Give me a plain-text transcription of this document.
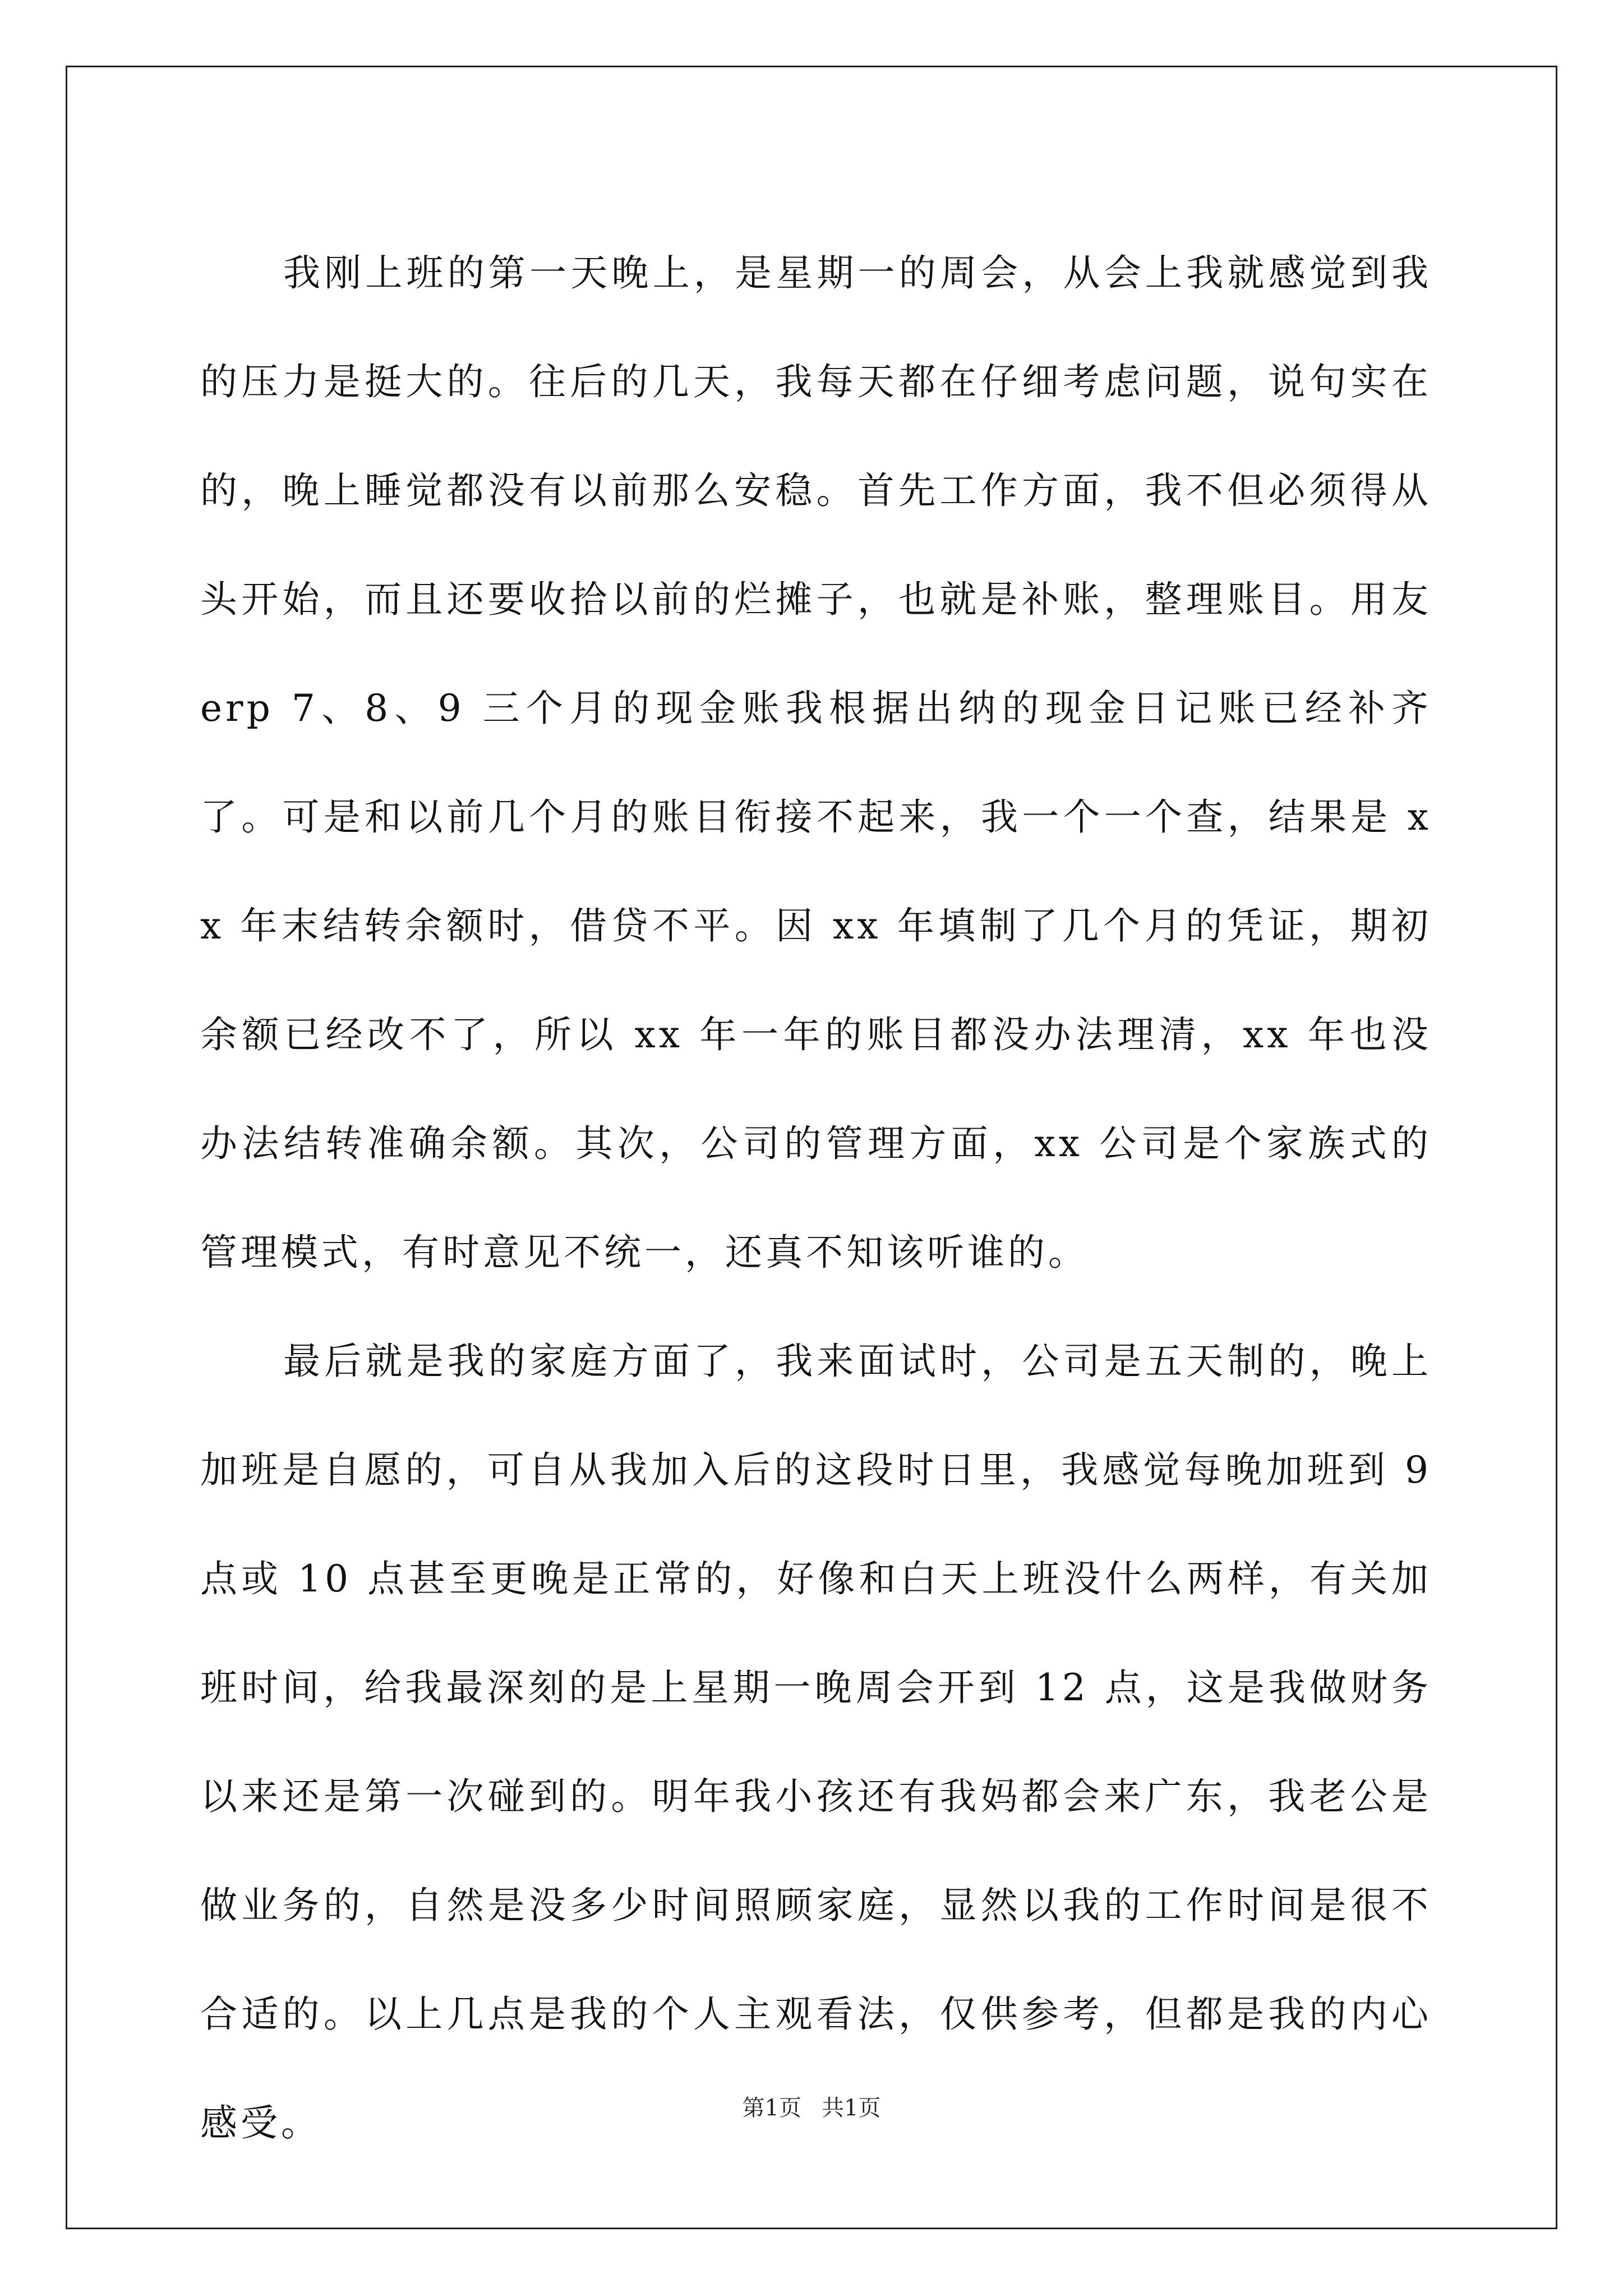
我刚上班的第一天晚上，是星期一的周会，从会上我就感觉到我的压力是挺大的。往后的几天，我每天都在仔细考虑问题，说句实在的，晚上睡觉都没有以前那么安稳。首先工作方面，我不但必须得从头开始，而且还要收拾以前的烂摊子，也就是补账，整理账目。用友 erp 7、8、9 三个月的现金账我根据出纳的现金日记账已经补齐了。可是和以前几个月的账目衔接不起来，我一个一个查，结果是 xx 年末结转余额时，借贷不平。因 xx 年填制了几个月的凭证，期初余额已经改不了，所以 xx 年一年的账目都没办法理清，xx 年也没办法结转准确余额。其次，公司的管理方面，xx 公司是个家族式的管理模式，有时意见不统一，还真不知该听谁的。

最后就是我的家庭方面了，我来面试时，公司是五天制的，晚上加班是自愿的，可自从我加入后的这段时日里，我感觉每晚加班到 9 点或 10 点甚至更晚是正常的，好像和白天上班没什么两样，有关加班时间，给我最深刻的是上星期一晚周会开到 12 点，这是我做财务以来还是第一次碰到的。明年我小孩还有我妈都会来广东，我老公是做业务的，自然是没多少时间照顾家庭，显然以我的工作时间是很不合适的。以上几点是我的个人主观看法，仅供参考，但都是我的内心感受。	第1页 共1页
